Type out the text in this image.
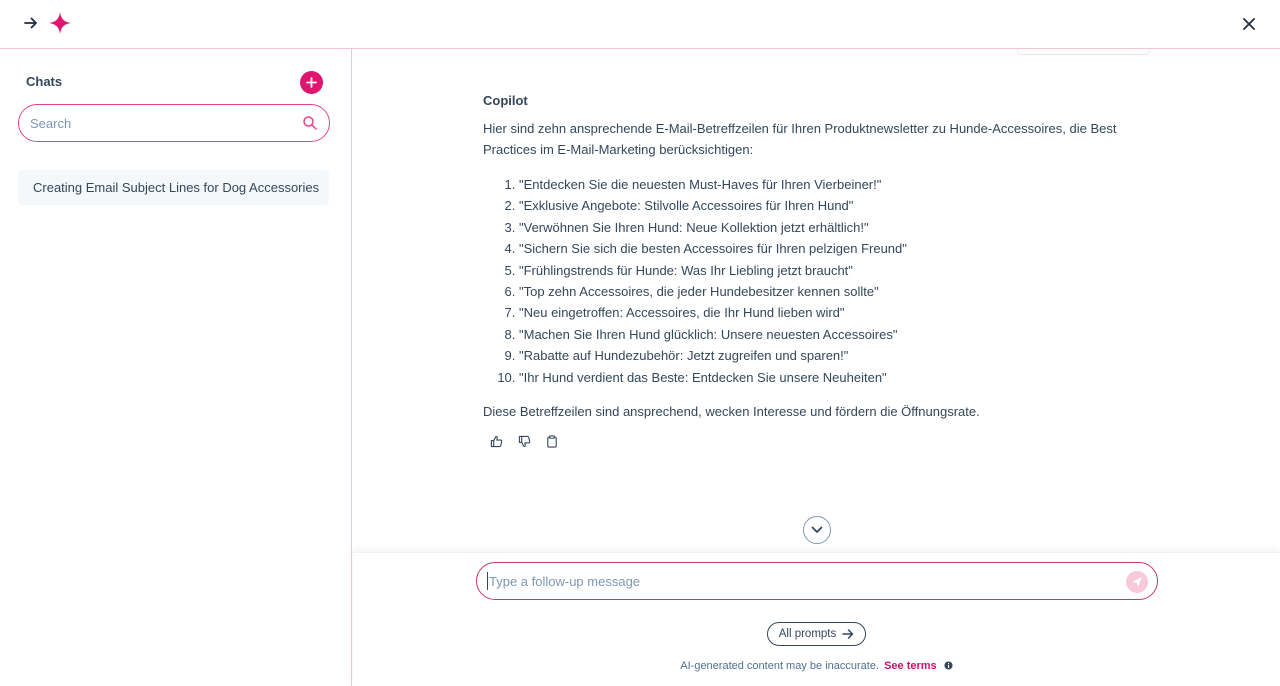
Chats
Search
Creating Email Subject Lines for Dog Accessories
Copilot
Hier sind zehn ansprechende E-Mail-Betreffzeilen für Ihren Produktnewsletter zu Hunde-Accessoires, die Best Practices im E-Mail-Marketing berücksichtigen:
1. "Entdecken Sie die neuesten Must-Haves für Ihren Vierbeiner!"
2. "Exklusive Angebote: Stilvolle Accessoires für Ihren Hund"
3. "Verwöhnen Sie Ihren Hund: Neue Kollektion jetzt erhältlich!"
4. "Sichern Sie sich die besten Accessoires für Ihren pelzigen Freund"
5. "Frühlingstrends für Hunde: Was Ihr Liebling jetzt braucht"
6. "Top zehn Accessoires, die jeder Hundebesitzer kennen sollte"
7. "Neu eingetroffen: Accessoires, die Ihr Hund lieben wird"
8. "Machen Sie Ihren Hund glücklich: Unsere neuesten Accessoires"
9. "Rabatte auf Hundezubehör: Jetzt zugreifen und sparen!"
10. "Ihr Hund verdient das Beste: Entdecken Sie unsere Neuheiten"
Diese Betreffzeilen sind ansprechend, wecken Interesse und fördern die Öffnungsrate.
Type a follow-up message
All prompts
AI-generated content may be inaccurate. See terms
